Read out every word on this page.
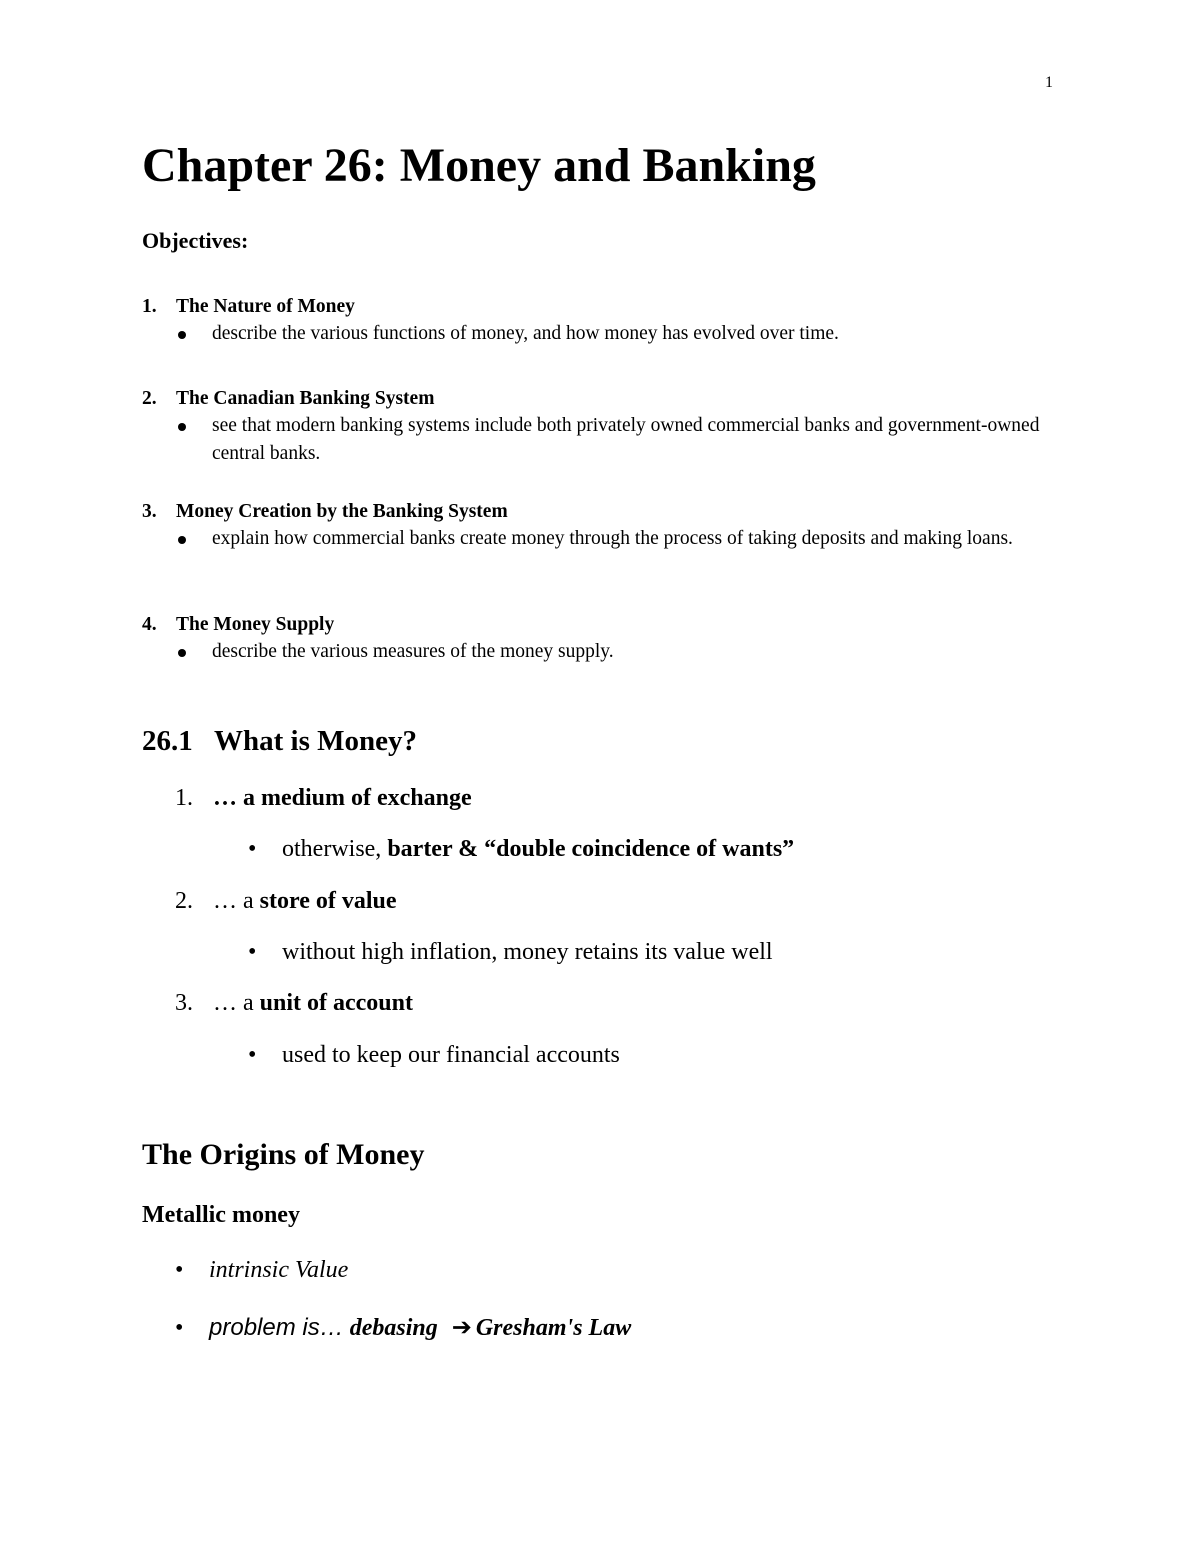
1
Chapter 26: Money and Banking
Objectives:
1. The Nature of Money
describe the various functions of money, and how money has evolved over time.
2. The Canadian Banking System
see that modern banking systems include both privately owned commercial banks and government-owned central banks.
3. Money Creation by the Banking System
explain how commercial banks create money through the process of taking deposits and making loans.
4. The Money Supply
describe the various measures of the money supply.
26.1 What is Money?
1. … a medium of exchange
• otherwise, barter & “double coincidence of wants”
2. … a store of value
• without high inflation, money retains its value well
3. … a unit of account
• used to keep our financial accounts
The Origins of Money
Metallic money
• intrinsic Value
• problem is… debasing ➔ Gresham's Law
